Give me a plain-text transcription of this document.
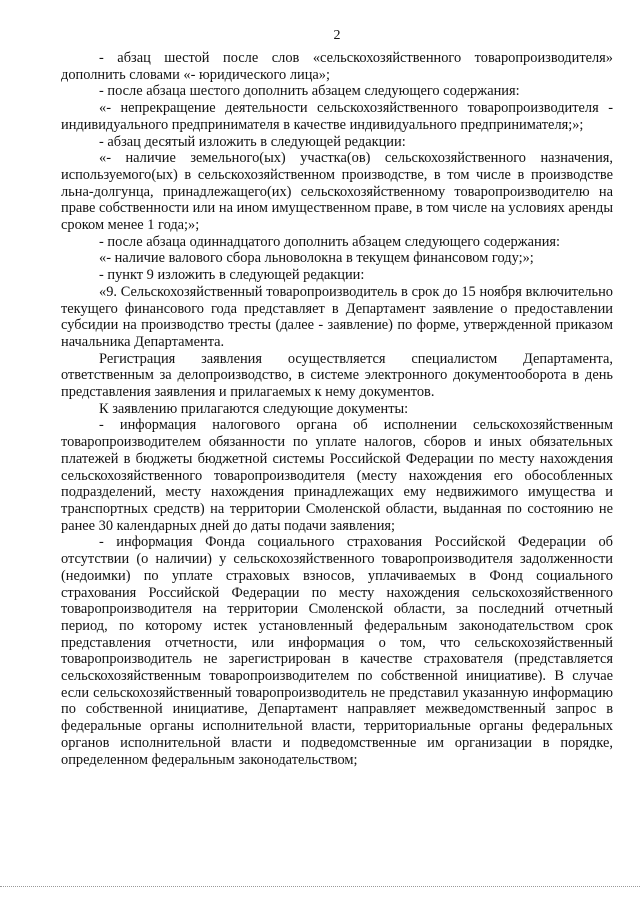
2

- абзац шестой после слов «сельскохозяйственного товаропроизводителя» дополнить словами «- юридического лица»;

- после абзаца шестого дополнить абзацем следующего содержания:

«- непрекращение деятельности сельскохозяйственного товаропроизводителя - индивидуального предпринимателя в качестве индивидуального предпринимателя;»;

- абзац десятый изложить в следующей редакции:

«- наличие земельного(ых) участка(ов) сельскохозяйственного назначения, используемого(ых) в сельскохозяйственном производстве, в том числе в производстве льна-долгунца, принадлежащего(их) сельскохозяйственному товаропроизводителю на праве собственности или на ином имущественном праве, в том числе на условиях аренды сроком менее 1 года;»;

- после абзаца одиннадцатого дополнить абзацем следующего содержания:

«- наличие валового сбора льноволокна в текущем финансовом году;»;

- пункт 9 изложить в следующей редакции:

«9. Сельскохозяйственный товаропроизводитель в срок до 15 ноября включительно текущего финансового года представляет в Департамент заявление о предоставлении субсидии на производство тресты (далее - заявление) по форме, утвержденной приказом начальника Департамента.

Регистрация заявления осуществляется специалистом Департамента, ответственным за делопроизводство, в системе электронного документооборота в день представления заявления и прилагаемых к нему документов.

К заявлению прилагаются следующие документы:

- информация налогового органа об исполнении сельскохозяйственным товаропроизводителем обязанности по уплате налогов, сборов и иных обязательных платежей в бюджеты бюджетной системы Российской Федерации по месту нахождения сельскохозяйственного товаропроизводителя (месту нахождения его обособленных подразделений, месту нахождения принадлежащих ему недвижимого имущества и транспортных средств) на территории Смоленской области, выданная по состоянию не ранее 30 календарных дней до даты подачи заявления;

- информация Фонда социального страхования Российской Федерации об отсутствии (о наличии) у сельскохозяйственного товаропроизводителя задолженности (недоимки) по уплате страховых взносов, уплачиваемых в Фонд социального страхования Российской Федерации по месту нахождения сельскохозяйственного товаропроизводителя на территории Смоленской области, за последний отчетный период, по которому истек установленный федеральным законодательством срок представления отчетности, или информация о том, что сельскохозяйственный товаропроизводитель не зарегистрирован в качестве страхователя (представляется сельскохозяйственным товаропроизводителем по собственной инициативе). В случае если сельскохозяйственный товаропроизводитель не представил указанную информацию по собственной инициативе, Департамент направляет межведомственный запрос в федеральные органы исполнительной власти, территориальные органы федеральных органов исполнительной власти и подведомственные им организации в порядке, определенном федеральным законодательством;
